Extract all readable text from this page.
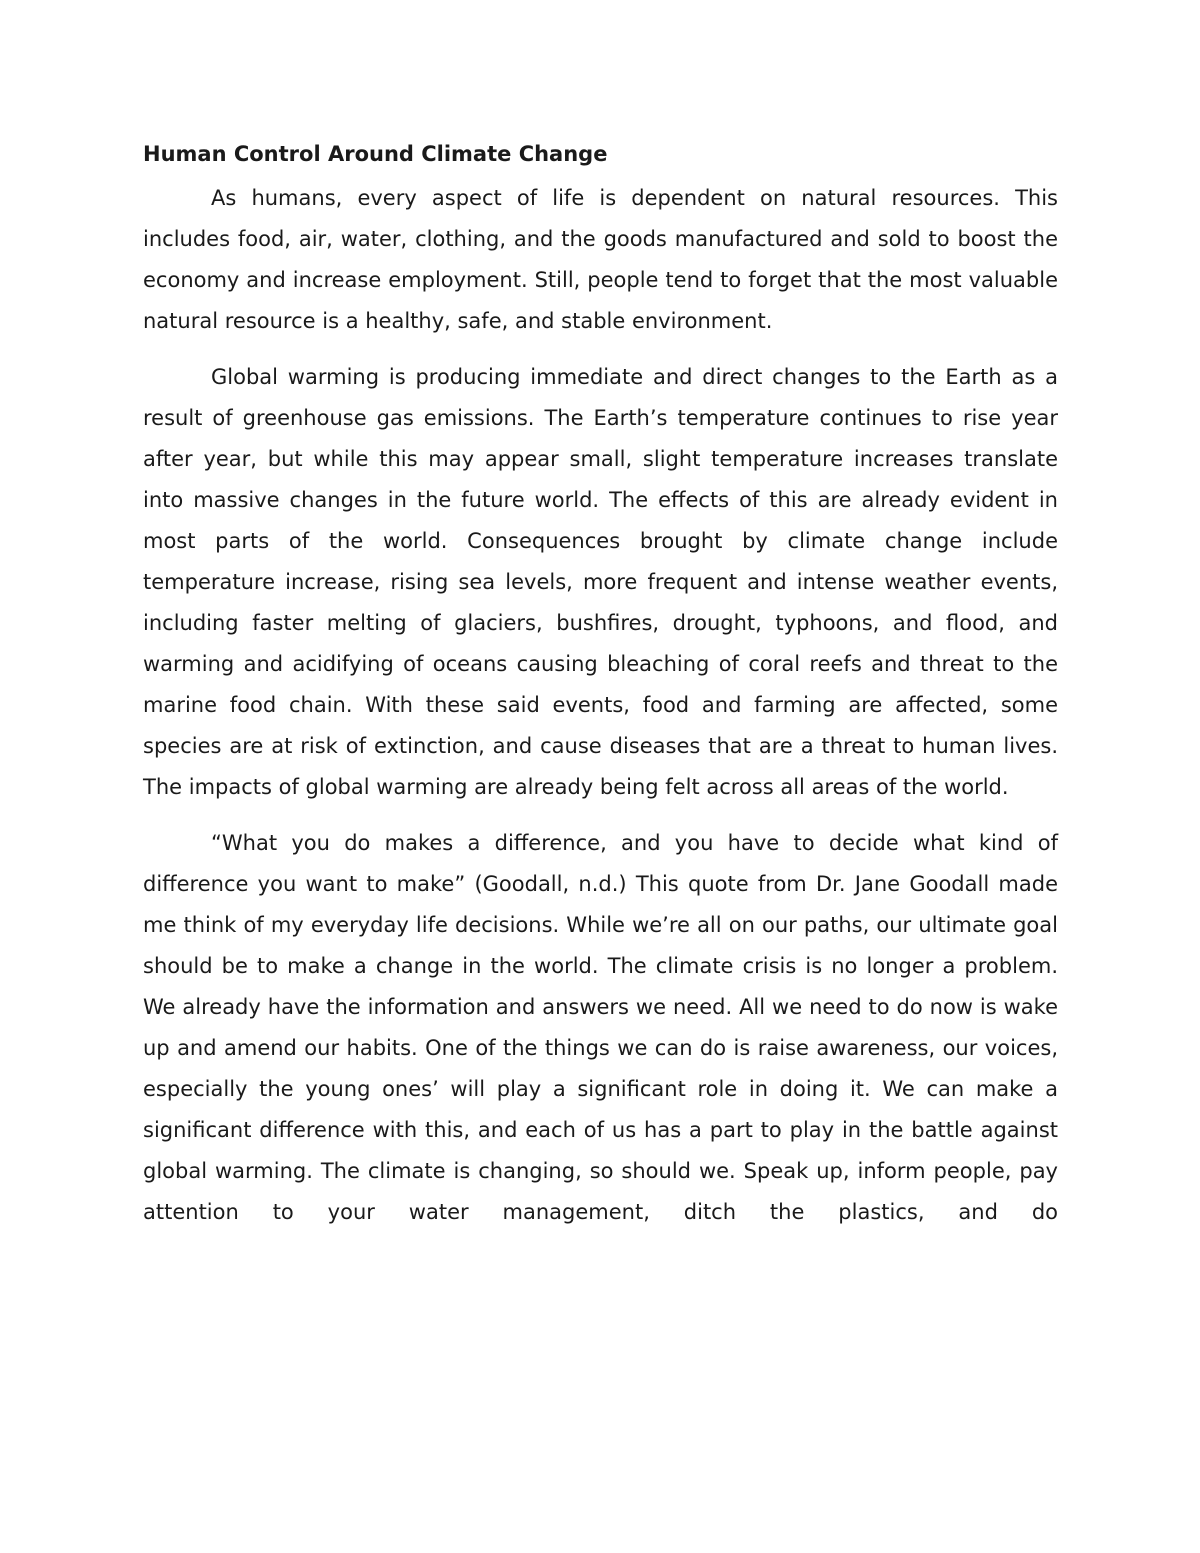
Human Control Around Climate Change

As humans, every aspect of life is dependent on natural resources. This includes food, air, water, clothing, and the goods manufactured and sold to boost the economy and increase employment. Still, people tend to forget that the most valuable natural resource is a healthy, safe, and stable environment.

Global warming is producing immediate and direct changes to the Earth as a result of greenhouse gas emissions. The Earth’s temperature continues to rise year after year, but while this may appear small, slight temperature increases translate into massive changes in the future world. The effects of this are already evident in most parts of the world. Consequences brought by climate change include temperature increase, rising sea levels, more frequent and intense weather events, including faster melting of glaciers, bushfires, drought, typhoons, and flood, and warming and acidifying of oceans causing bleaching of coral reefs and threat to the marine food chain. With these said events, food and farming are affected, some species are at risk of extinction, and cause diseases that are a threat to human lives. The impacts of global warming are already being felt across all areas of the world.

“What you do makes a difference, and you have to decide what kind of difference you want to make” (Goodall, n.d.) This quote from Dr. Jane Goodall made me think of my everyday life decisions. While we’re all on our paths, our ultimate goal should be to make a change in the world. The climate crisis is no longer a problem. We already have the information and answers we need. All we need to do now is wake up and amend our habits. One of the things we can do is raise awareness, our voices, especially the young ones’ will play a significant role in doing it. We can make a significant difference with this, and each of us has a part to play in the battle against global warming. The climate is changing, so should we. Speak up, inform people, pay attention to your water management, ditch the plastics, and do
